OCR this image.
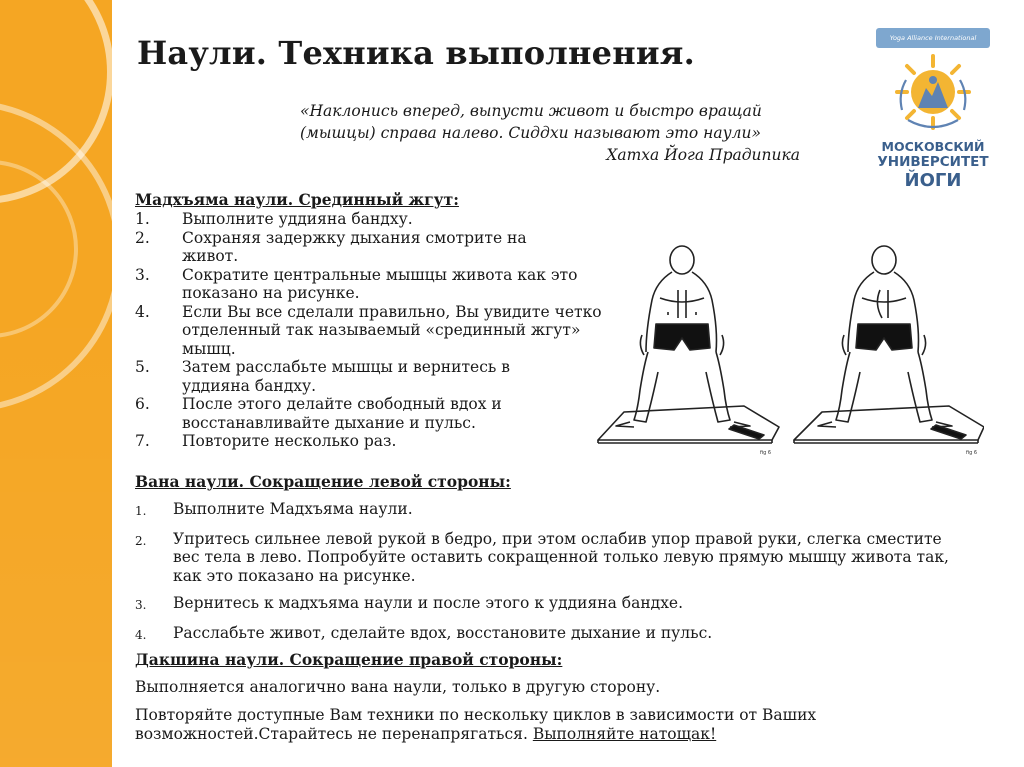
Наули. Техника выполнения.
«Наклонись вперед, выпусти живот и быстро вращай
(мышцы) справа налево. Сиддхи называют это наули»
Хатха Йога Прадипика
Yoga Alliance International
МОСКОВСКИЙ
УНИВЕРСИТЕТ
ЙОГИ
Мадхъяма наули. Срединный жгут:
1.	Выполните уддияна бандху.
2.	Сохраняя задержку дыхания смотрите на живот.
3.	Сократите центральные мышцы живота как это показано на рисунке.
4.	Если Вы все сделали правильно, Вы увидите четко отделенный так называемый «срединный жгут» мышц.
5.	Затем расслабьте мышцы и вернитесь в уддияна бандху.
6.	После этого делайте свободный вдох и восстанавливайте дыхание и пульс.
7.	Повторите несколько раз.
fig 6	fig 6
Вана наули. Сокращение левой стороны:
1.	Выполните Мадхъяма наули.
2.	Упритесь сильнее левой рукой в бедро, при этом ослабив упор правой руки, слегка сместите вес тела в лево. Попробуйте оставить сокращенной только левую прямую мышцу живота так, как это показано на рисунке.
3.	Вернитесь к мадхъяма наули и после этого к уддияна бандхе.
4.	Расслабьте живот, сделайте вдох, восстановите дыхание и пульс.
Дакшина наули. Сокращение правой стороны:
Выполняется аналогично вана наули, только в другую сторону.
Повторяйте доступные Вам техники по нескольку циклов в зависимости от Ваших возможностей.Старайтесь не перенапрягаться. Выполняйте натощак!
